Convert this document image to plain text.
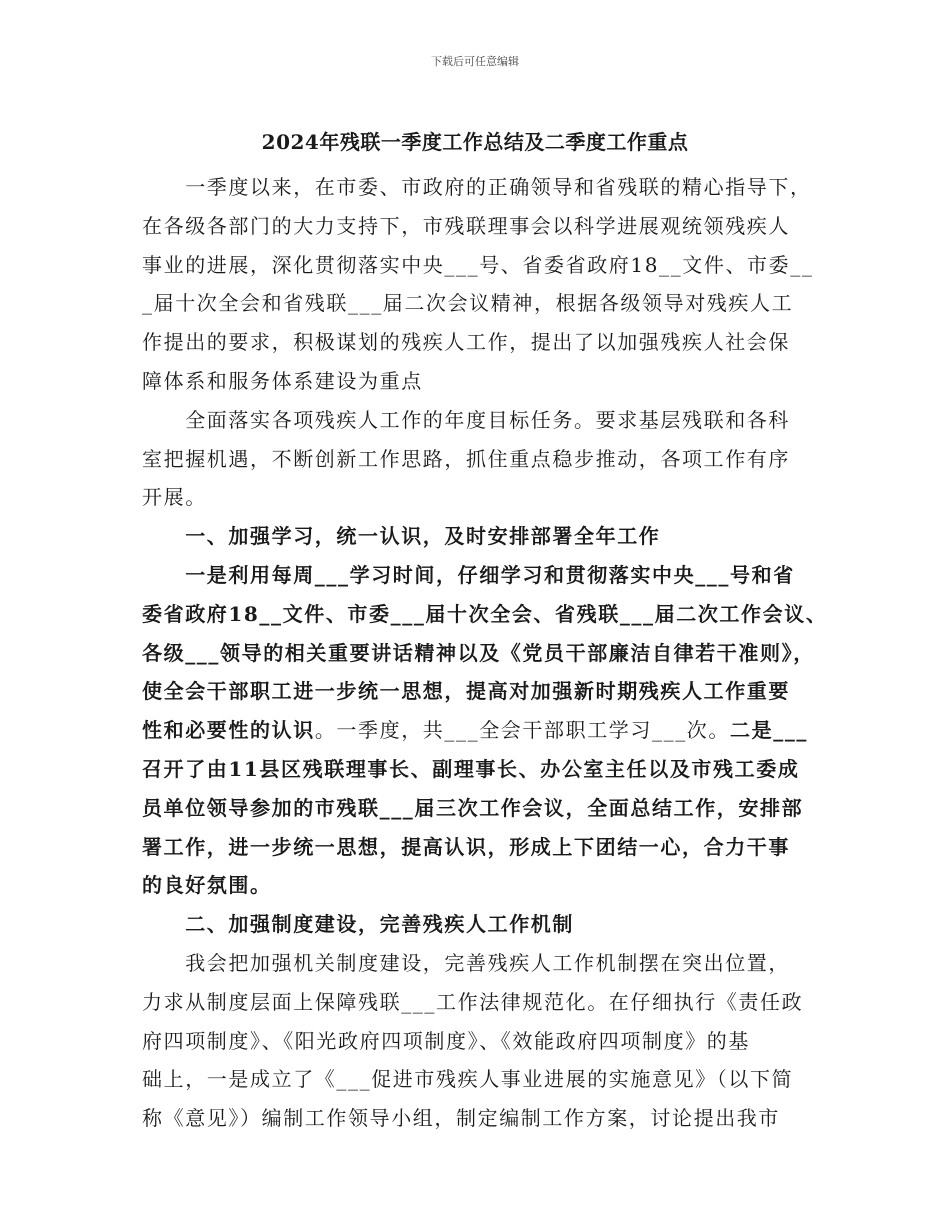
下载后可任意编辑
2024年残联一季度工作总结及二季度工作重点
　　一季度以来，在市委、市政府的正确领导和省残联的精心指导下，
在各级各部门的大力支持下，市残联理事会以科学进展观统领残疾人
事业的进展，深化贯彻落实中央___号、省委省政府18__文件、市委__
_届十次全会和省残联___届二次会议精神，根据各级领导对残疾人工
作提出的要求，积极谋划的残疾人工作，提出了以加强残疾人社会保
障体系和服务体系建设为重点
　　全面落实各项残疾人工作的年度目标任务。要求基层残联和各科
室把握机遇，不断创新工作思路，抓住重点稳步推动，各项工作有序
开展。
　　一、加强学习，统一认识，及时安排部署全年工作
　　一是利用每周___学习时间，仔细学习和贯彻落实中央___号和省
委省政府18__文件、市委___届十次全会、省残联___届二次工作会议、
各级___领导的相关重要讲话精神以及《党员干部廉洁自律若干准则》，
使全会干部职工进一步统一思想，提高对加强新时期残疾人工作重要
性和必要性的认识。一季度，共___全会干部职工学习___次。二是___
召开了由11县区残联理事长、副理事长、办公室主任以及市残工委成
员单位领导参加的市残联___届三次工作会议，全面总结工作，安排部
署工作，进一步统一思想，提高认识，形成上下团结一心，合力干事
的良好氛围。
　　二、加强制度建设，完善残疾人工作机制
　　我会把加强机关制度建设，完善残疾人工作机制摆在突出位置，
力求从制度层面上保障残联___工作法律规范化。在仔细执行《责任政
府四项制度》、《阳光政府四项制度》、《效能政府四项制度》的基
础上，一是成立了《___促进市残疾人事业进展的实施意见》（以下简
称《意见》）编制工作领导小组，制定编制工作方案，讨论提出我市
